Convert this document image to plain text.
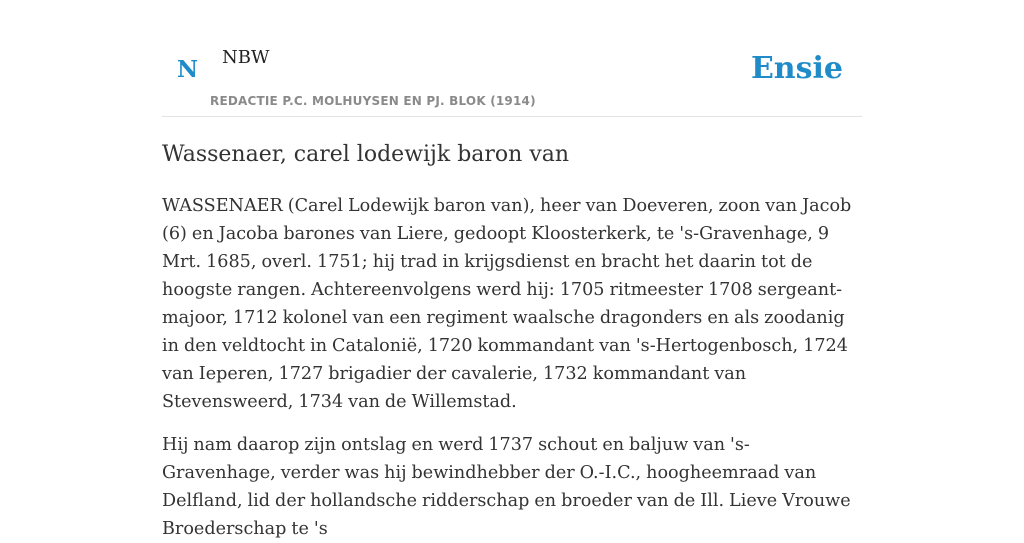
N NBW
REDACTIE P.C. MOLHUYSEN EN PJ. BLOK (1914)
Ensie
Wassenaer, carel lodewijk baron van

WASSENAER (Carel Lodewijk baron van), heer van Doeveren, zoon van Jacob (6) en Jacoba barones van Liere, gedoopt Kloosterkerk, te 's-Gravenhage, 9 Mrt. 1685, overl. 1751; hij trad in krijgsdienst en bracht het daarin tot de hoogste rangen. Achtereenvolgens werd hij: 1705 ritmeester 1708 sergeant-majoor, 1712 kolonel van een regiment waalsche dragonders en als zoodanig in den veldtocht in Catalonië, 1720 kommandant van 's-Hertogenbosch, 1724 van Ieperen, 1727 brigadier der cavalerie, 1732 kommandant van Stevensweerd, 1734 van de Willemstad.

Hij nam daarop zijn ontslag en werd 1737 schout en baljuw van 's-Gravenhage, verder was hij bewindhebber der O.-I.C., hoogheemraad van Delfland, lid der hollandsche ridderschap en broeder van de Ill. Lieve Vrouwe Broederschap te 's
